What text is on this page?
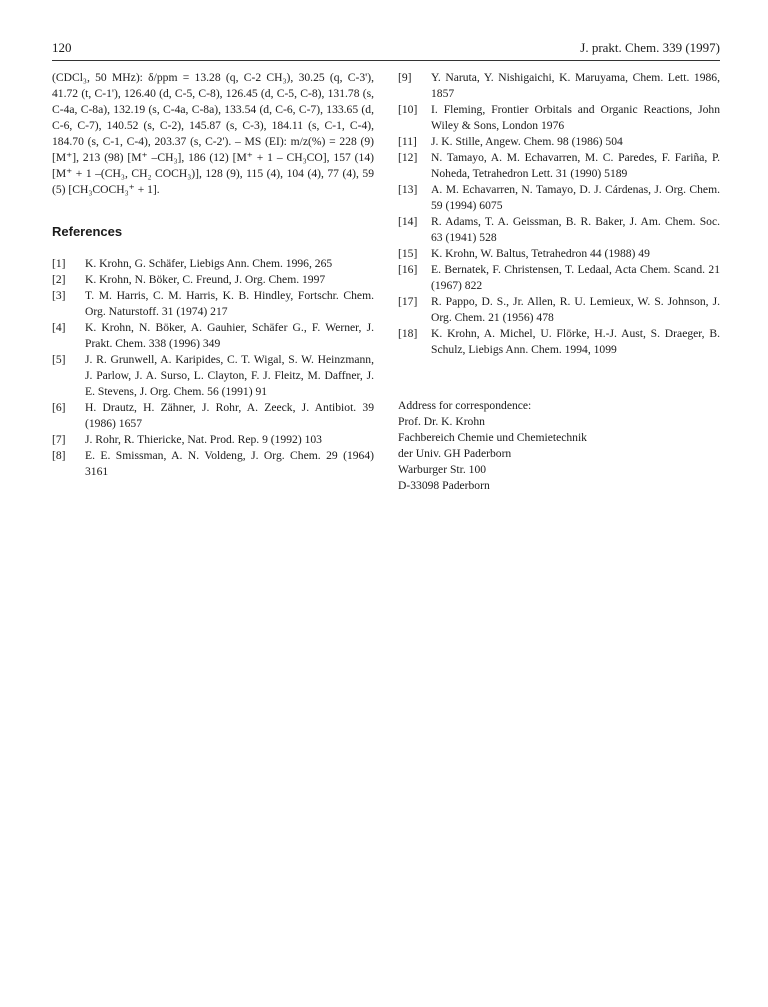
120	J. prakt. Chem. 339 (1997)

(CDCl₃, 50 MHz): δ/ppm = 13.28 (q, C-2 CH₃), 30.25 (q, C-3'), 41.72 (t, C-1'), 126.40 (d, C-5, C-8), 126.45 (d, C-5, C-8), 131.78 (s, C-4a, C-8a), 132.19 (s, C-4a, C-8a), 133.54 (d, C-6, C-7), 133.65 (d, C-6, C-7), 140.52 (s, C-2), 145.87 (s, C-3), 184.11 (s, C-1, C-4), 184.70 (s, C-1, C-4), 203.37 (s, C-2'). – MS (EI): m/z(%) = 228 (9) [M⁺], 213 (98) [M⁺ –CH₃], 186 (12) [M⁺ + 1 – CH₃CO], 157 (14) [M⁺ + 1 –(CH₃, CH₂ COCH₃)], 128 (9), 115 (4), 104 (4), 77 (4), 59 (5) [CH₃COCH₃⁺ + 1].

References
[1]	K. Krohn, G. Schäfer, Liebigs Ann. Chem. 1996, 265
[2]	K. Krohn, N. Böker, C. Freund, J. Org. Chem. 1997
[3]	T. M. Harris, C. M. Harris, K. B. Hindley, Fortschr. Chem. Org. Naturstoff. 31 (1974) 217
[4]	K. Krohn, N. Böker, A. Gauhier, Schäfer G., F. Werner, J. Prakt. Chem. 338 (1996) 349
[5]	J. R. Grunwell, A. Karipides, C. T. Wigal, S. W. Heinzmann, J. Parlow, J. A. Surso, L. Clayton, F. J. Fleitz, M. Daffner, J. E. Stevens, J. Org. Chem. 56 (1991) 91
[6]	H. Drautz, H. Zähner, J. Rohr, A. Zeeck, J. Antibiot. 39 (1986) 1657
[7]	J. Rohr, R. Thiericke, Nat. Prod. Rep. 9 (1992) 103
[8]	E. E. Smissman, A. N. Voldeng, J. Org. Chem. 29 (1964) 3161
[9]	Y. Naruta, Y. Nishigaichi, K. Maruyama, Chem. Lett. 1986, 1857
[10]	I. Fleming, Frontier Orbitals and Organic Reactions, John Wiley & Sons, London 1976
[11]	J. K. Stille, Angew. Chem. 98 (1986) 504
[12]	N. Tamayo, A. M. Echavarren, M. C. Paredes, F. Fariña, P. Noheda, Tetrahedron Lett. 31 (1990) 5189
[13]	A. M. Echavarren, N. Tamayo, D. J. Cárdenas, J. Org. Chem. 59 (1994) 6075
[14]	R. Adams, T. A. Geissman, B. R. Baker, J. Am. Chem. Soc. 63 (1941) 528
[15]	K. Krohn, W. Baltus, Tetrahedron 44 (1988) 49
[16]	E. Bernatek, F. Christensen, T. Ledaal, Acta Chem. Scand. 21 (1967) 822
[17]	R. Pappo, D. S., Jr. Allen, R. U. Lemieux, W. S. Johnson, J. Org. Chem. 21 (1956) 478
[18]	K. Krohn, A. Michel, U. Flörke, H.-J. Aust, S. Draeger, B. Schulz, Liebigs Ann. Chem. 1994, 1099
Address for correspondence:
Prof. Dr. K. Krohn
Fachbereich Chemie und Chemietechnik
der Univ. GH Paderborn
Warburger Str. 100
D-33098 Paderborn
